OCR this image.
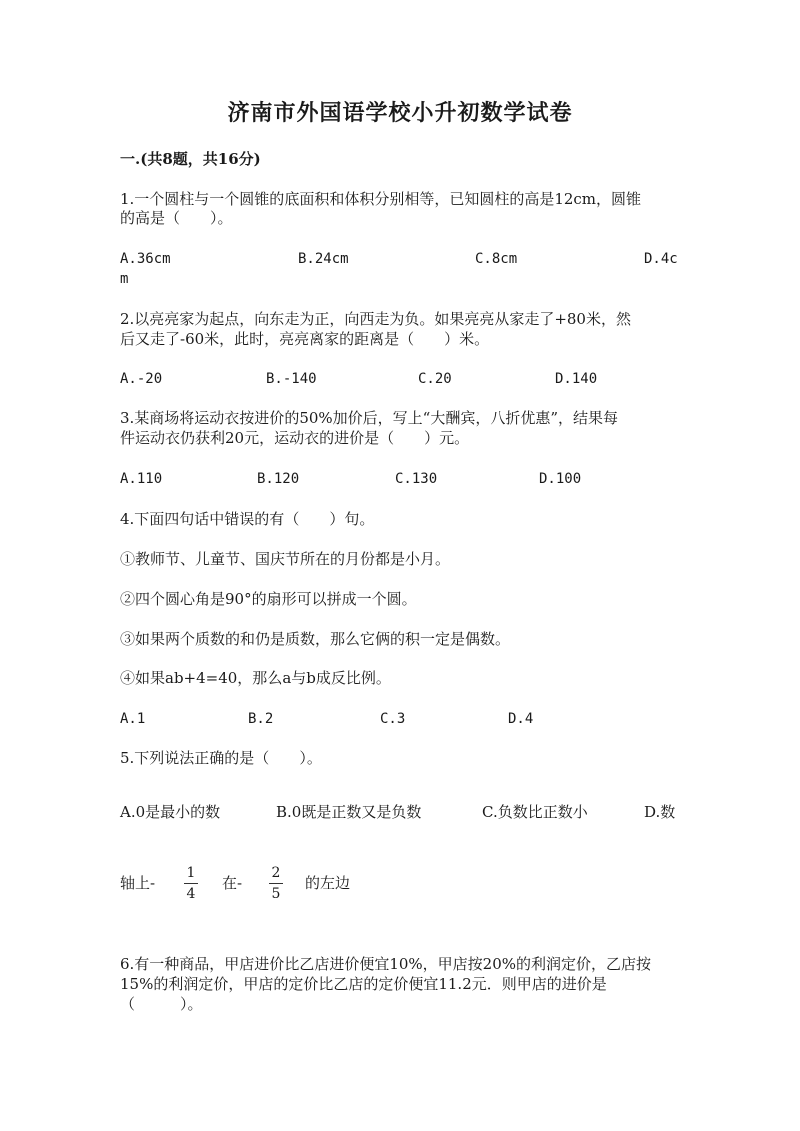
济南市外国语学校小升初数学试卷
一.(共8题，共16分)
1.一个圆柱与一个圆锥的底面积和体积分别相等，已知圆柱的高是12cm，圆锥
的高是（　　）。
A.36cm	B.24cm	C.8cm	D.4c
m
2.以亮亮家为起点，向东走为正，向西走为负。如果亮亮从家走了+80米，然
后又走了-60米，此时，亮亮离家的距离是（　　）米。
A.-20	B.-140	C.20	D.140
3.某商场将运动衣按进价的50%加价后，写上“大酬宾，八折优惠”，结果每
件运动衣仍获利20元，运动衣的进价是（　　）元。
A.110	B.120	C.130	D.100
4.下面四句话中错误的有（　　）句。
①教师节、儿童节、国庆节所在的月份都是小月。
②四个圆心角是90°的扇形可以拼成一个圆。
③如果两个质数的和仍是质数，那么它俩的积一定是偶数。
④如果ab+4=40，那么a与b成反比例。
A.1	B.2	C.3	D.4
5.下列说法正确的是（　　）。
A.0是最小的数	B.0既是正数又是负数	C.负数比正数小	D.数
轴上-
1
4
在-
2
5
的左边
6.有一种商品，甲店进价比乙店进价便宜10%，甲店按20%的利润定价，乙店按
15%的利润定价，甲店的定价比乙店的定价便宜11.2元．则甲店的进价是
（　　　）。
